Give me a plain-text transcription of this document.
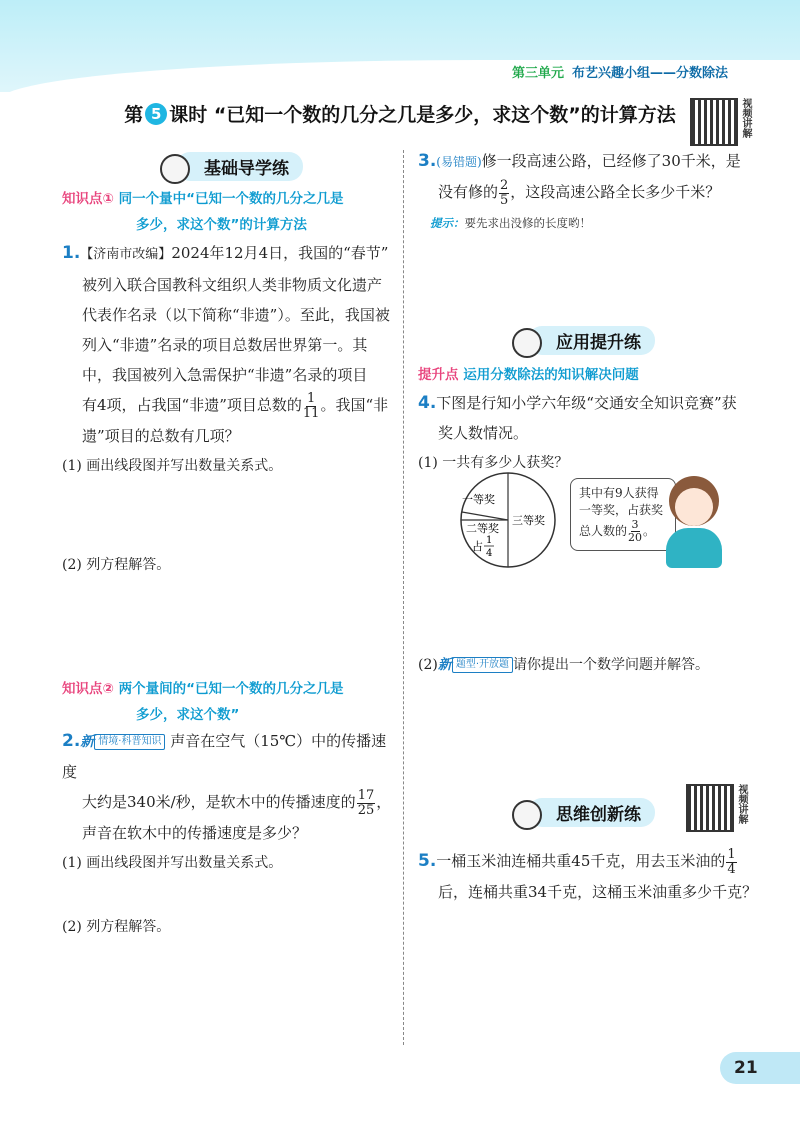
第三单元 布艺兴趣小组——分数除法
第 5 课时 “已知一个数的几分之几是多少，求这个数”的计算方法	视频讲解
基础导学练
知识点① 同一个量中“已知一个数的几分之几是
多少，求这个数”的计算方法
1.【济南市改编】2024年12月4日，我国的“春节”
被列入联合国教科文组织人类非物质文化遗产
代表作名录（以下简称“非遗”）。至此，我国被
列入“非遗”名录的项目总数居世界第一。其
中，我国被列入急需保护“非遗”名录的项目
有4项，占我国“非遗”项目总数的 $\frac{1}{11}$ 。我国“非
遗”项目的总数有几项？
(1) 画出线段图并写出数量关系式。
(2) 列方程解答。
知识点② 两个量间的“已知一个数的几分之几是
多少，求这个数”
2.新 情境·科普知识 声音在空气（15℃）中的传播速度
大约是340米/秒，是软木中的传播速度的 $\frac{17}{25}$ ，
声音在软木中的传播速度是多少？
(1) 画出线段图并写出数量关系式。
(2) 列方程解答。
3.(易错题)修一段高速公路，已经修了30千米，是
没有修的 $\frac{2}{5}$ ，这段高速公路全长多少千米？
提示：要先求出没修的长度哟！
应用提升练
提升点 运用分数除法的知识解决问题
4.下图是行知小学六年级“交通安全知识竞赛”获
奖人数情况。
(1) 一共有多少人获奖？
一等奖
二等奖
占 1
4
三等奖
其中有9人获得
一等奖，占获奖
总人数的 $\frac{3}{20}$ 。
(2)新 题型·开放题 请你提出一个数学问题并解答。
思维创新练	视频讲解
5.一桶玉米油连桶共重45千克，用去玉米油的 $\frac{1}{4}$
后，连桶共重34千克，这桶玉米油重多少千克？
21
